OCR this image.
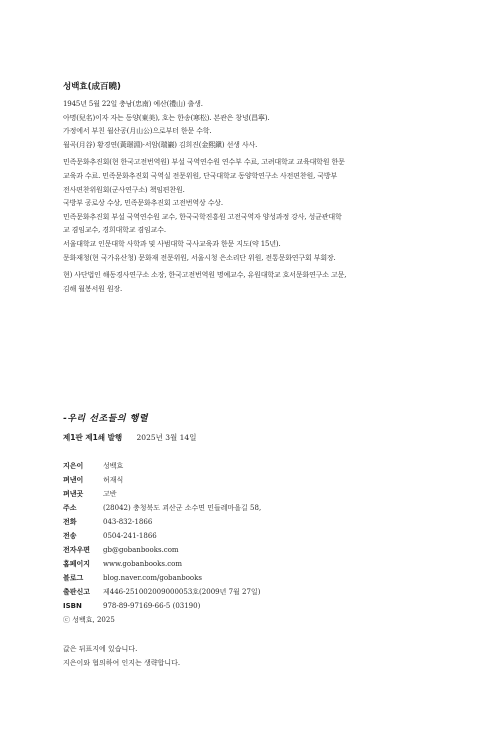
성백효(成百曉)

1945년 5월 22일 충남(忠南) 예산(禮山) 출생.

아명(兒名)이자 자는 동양(東美), 호는 한송(寒松). 본관은 창녕(昌寧).

가정에서 부친 월산공(月山公)으로부터 한문 수학.

월곡(月谷) 황경연(黃璟淵)·서암(瑞巖) 김희진(金熙鎭) 선생 사사.

민족문화추진회(현 한국고전번역원) 부설 국역연수원 연수부 수료, 고려대학교 교육대학원 한문

교육과 수료. 민족문화추진회 국역실 전문위원, 단국대학교 동양학연구소 사전편찬원, 국방부

전사편찬위원회(군사연구소) 책임편찬원.

국방부 공로상 수상, 민족문화추진회 고전번역상 수상.

민족문화추진회 부설 국역연수원 교수, 한국국학진흥원 고전국역자 양성과정 강사, 성균관대학

교 겸임교수, 경희대학교 겸임교수.

서울대학교 인문대학 사학과 및 사범대학 국사교육과 한문 지도(약 15년).

문화재청(현 국가유산청) 문화재 전문위원, 서울시청 은소리단 위원, 전통문화연구회 부회장.

현) 사단법인 해동경사연구소 소장, 한국고전번역원 명예교수, 유원대학교 호서문화연구소 고문,

김해 월봉서원 원장.

-우리 선조들의 행렬
제1판 제1쇄 발행 2025년 3월 14일
지은이	성백효
펴낸이	허재식
펴낸곳	고반
주소	(28042) 충청북도 괴산군 소수면 민들레마을길 58,
전화	043-832-1866
전송	0504-241-1866
전자우편	gb@gobanbooks.com
홈페이지	www.gobanbooks.com
블로그	blog.naver.com/gobanbooks
출판신고	제446-251002009000053호(2009년 7월 27일)
ISBN	978-89-97169-66-5 (03190)
ⓒ 성백효, 2025

값은 뒤표지에 있습니다.

지은이와 협의하여 인지는 생략합니다.
